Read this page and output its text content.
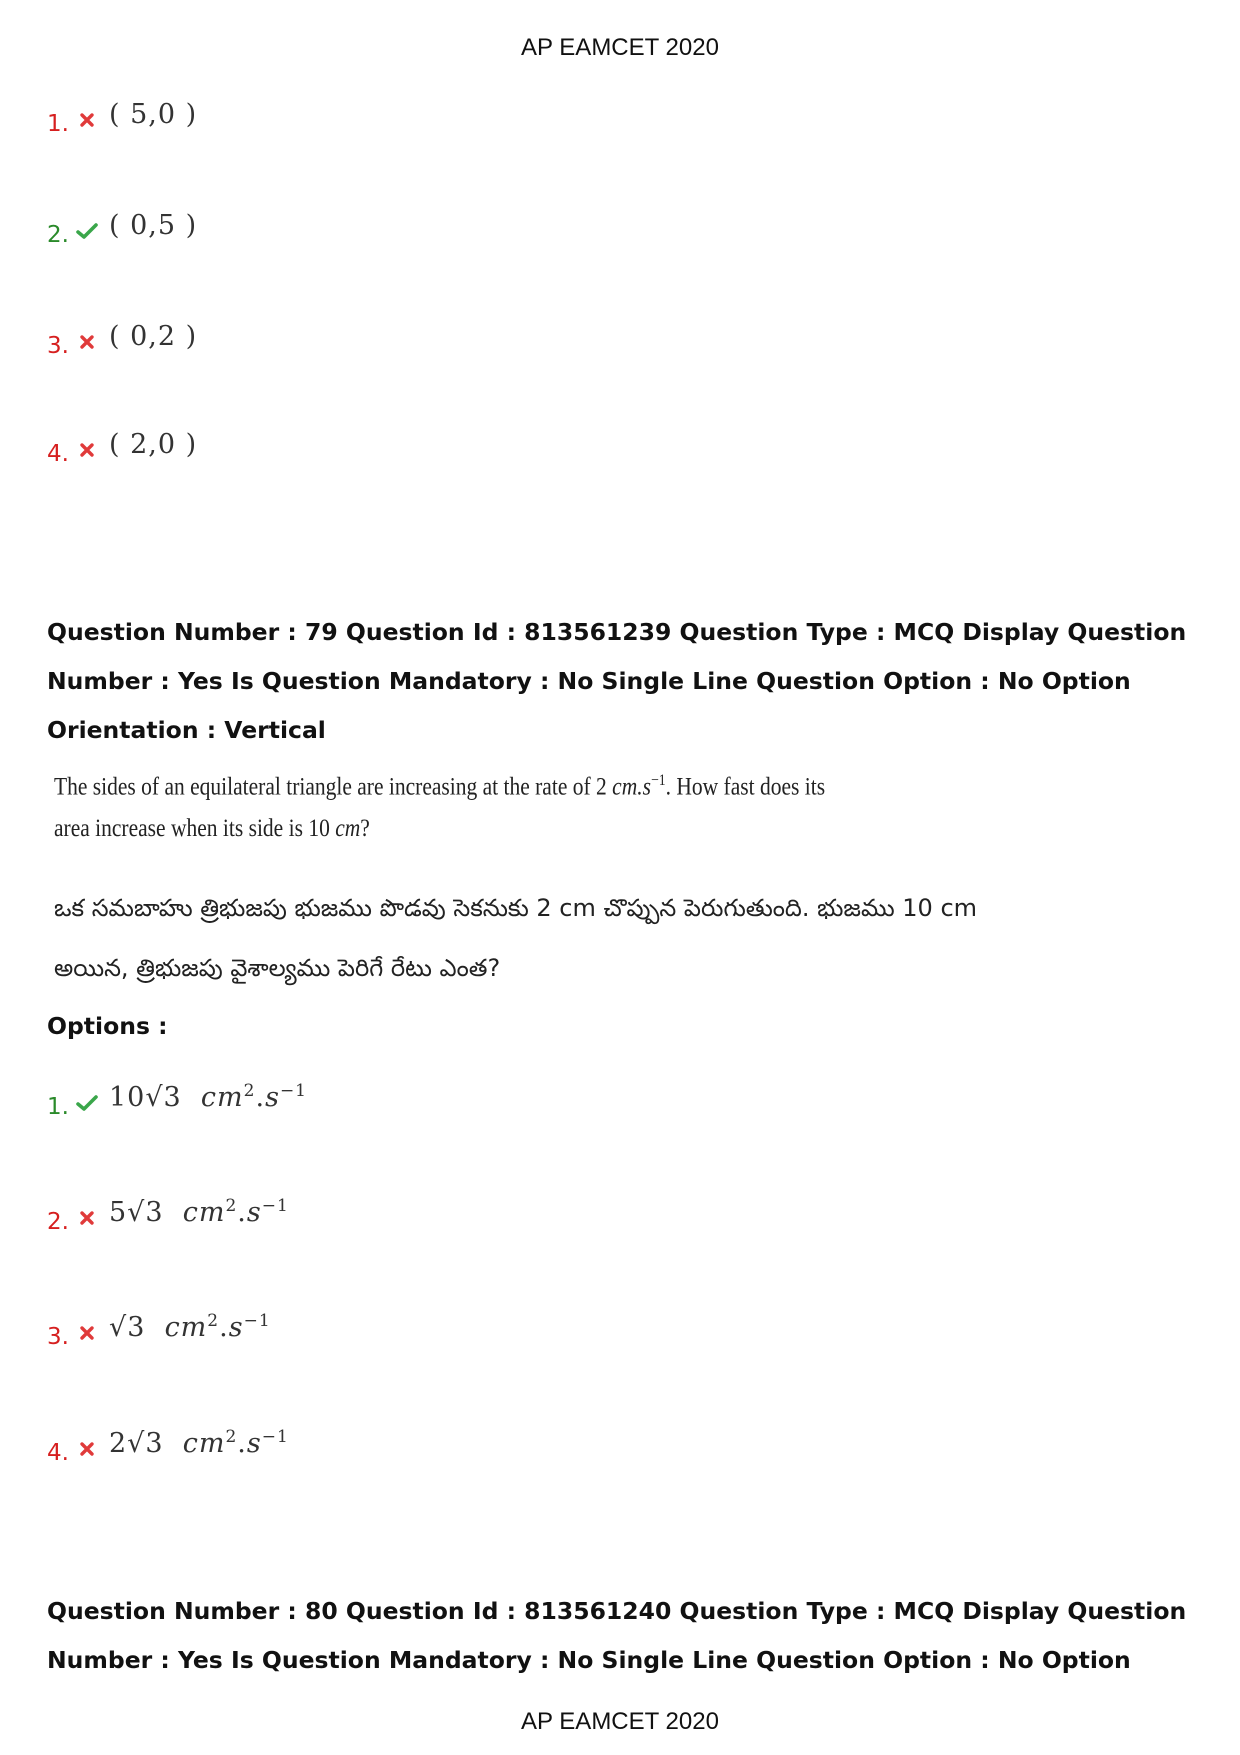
AP EAMCET 2020
1. ( 5,0 )
2. ( 0,5 )
3. ( 0,2 )
4. ( 2,0 )
Question Number : 79 Question Id : 813561239 Question Type : MCQ Display Question
Number : Yes Is Question Mandatory : No Single Line Question Option : No Option
Orientation : Vertical
The sides of an equilateral triangle are increasing at the rate of 2 $cm.s^{-1}$. How fast does its
area increase when its side is 10 cm?
ఒక సమబాహు త్రిభుజపు భుజము పొడవు సెకనుకు 2 cm చొప్పున పెరుగుతుంది. భుజము 10 cm
అయిన, త్రిభుజపు వైశాల్యము పెరిగే రేటు ఎంత?
Options :
1. 10√3 $cm^2.s^{-1}$
2. 5√3 $cm^2.s^{-1}$
3. √3 $cm^2.s^{-1}$
4. 2√3 $cm^2.s^{-1}$
Question Number : 80 Question Id : 813561240 Question Type : MCQ Display Question
Number : Yes Is Question Mandatory : No Single Line Question Option : No Option
AP EAMCET 2020
